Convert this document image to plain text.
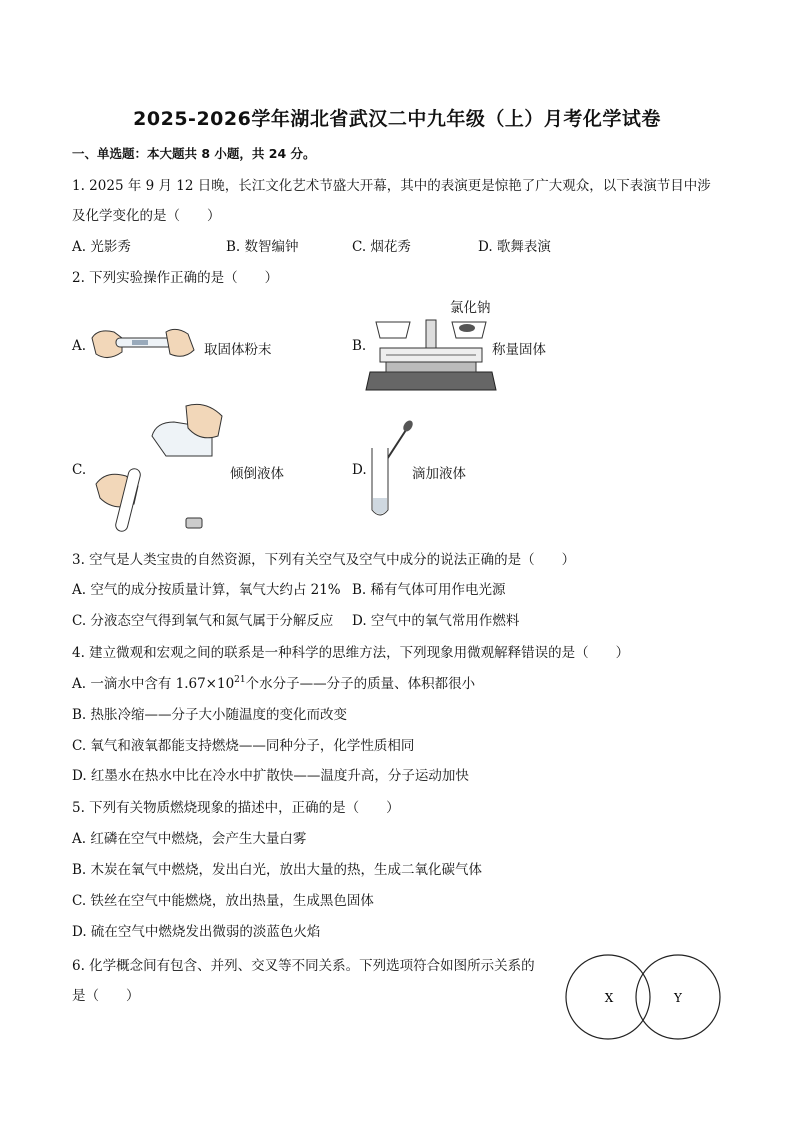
2025-2026学年湖北省武汉二中九年级（上）月考化学试卷
一、单选题：本大题共 8 小题，共 24 分。
1. 2025 年 9 月 12 日晚，长江文化艺术节盛大开幕，其中的表演更是惊艳了广大观众，以下表演节目中涉
及化学变化的是（　　）
A. 光影秀	B. 数智编钟	C. 烟花秀	D. 歌舞表演
2. 下列实验操作正确的是（　　）
A.	取固体粉末	B.
氯化钠
称量固体
C.	倾倒液体	D.	滴加液体
3. 空气是人类宝贵的自然资源，下列有关空气及空气中成分的说法正确的是（　　）
A. 空气的成分按质量计算，氧气大约占 21% B. 稀有气体可用作电光源
C. 分液态空气得到氧气和氮气属于分解反应 D. 空气中的氧气常用作燃料
4. 建立微观和宏观之间的联系是一种科学的思维方法，下列现象用微观解释错误的是（　　）
A. 一滴水中含有 $1.67\times 10^{21}$个水分子——分子的质量、体积都很小
B. 热胀冷缩——分子大小随温度的变化而改变
C. 氧气和液氧都能支持燃烧——同种分子，化学性质相同
D. 红墨水在热水中比在冷水中扩散快——温度升高，分子运动加快
5. 下列有关物质燃烧现象的描述中，正确的是（　　）
A. 红磷在空气中燃烧，会产生大量白雾
B. 木炭在氧气中燃烧，发出白光，放出大量的热，生成二氧化碳气体
C. 铁丝在空气中能燃烧，放出热量，生成黑色固体
D. 硫在空气中燃烧发出微弱的淡蓝色火焰
6. 化学概念间有包含、并列、交叉等不同关系。下列选项符合如图所示关系的
是（　　）	X	Y
